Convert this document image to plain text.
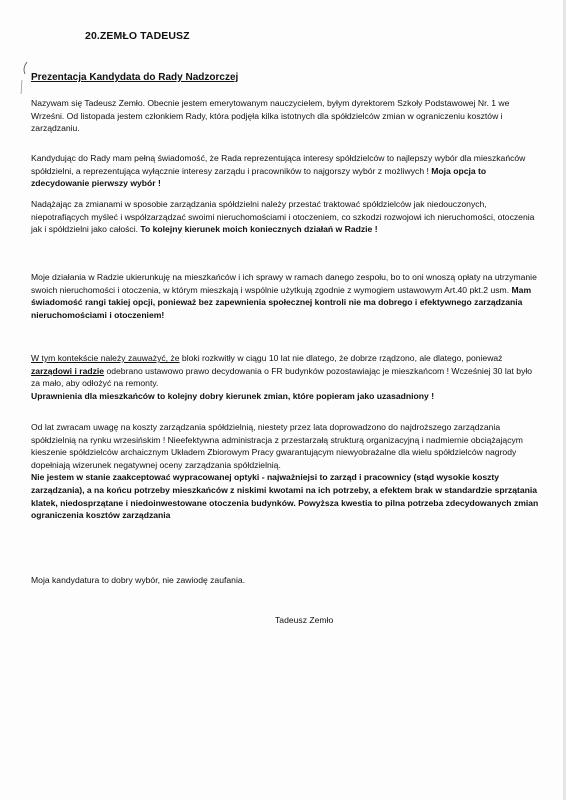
20.ZEMŁO TADEUSZ
Prezentacja Kandydata do Rady Nadzorczej
Nazywam się Tadeusz Zemło. Obecnie jestem emerytowanym nauczycielem, byłym dyrektorem Szkoły Podstawowej Nr. 1 we Wrześni. Od listopada jestem członkiem Rady, która podjęła kilka istotnych dla spółdzielców zmian w ograniczeniu kosztów i zarządzaniu.
Kandydując do Rady mam pełną świadomość, że Rada reprezentująca interesy spółdzielców to najlepszy wybór dla mieszkańców spółdzielni, a reprezentująca wyłącznie interesy zarządu i pracowników to najgorszy wybór z możliwych ! Moja opcja to zdecydowanie pierwszy wybór !
Nadążając za zmianami w sposobie zarządzania spółdzielni należy przestać traktować spółdzielców jak niedouczonych, niepotrafiących myśleć i współzarządzać swoimi nieruchomościami i otoczeniem, co szkodzi rozwojowi ich nieruchomości, otoczenia jak i spółdzielni jako całości. To kolejny kierunek moich koniecznych działań w Radzie !
Moje działania w Radzie ukierunkuję na mieszkańców i ich sprawy w ramach danego zespołu, bo to oni wnoszą opłaty na utrzymanie swoich nieruchomości i otoczenia, w którym mieszkają i wspólnie użytkują zgodnie z wymogiem ustawowym Art.40 pkt.2 usm. Mam świadomość rangi takiej opcji, ponieważ bez zapewnienia społecznej kontroli nie ma dobrego i efektywnego zarządzania nieruchomościami i otoczeniem!
W tym kontekście należy zauważyć, że bloki rozkwitły w ciągu 10 lat nie dlatego, że dobrze rządzono, ale dlatego, ponieważ zarządowi i radzie odebrano ustawowo prawo decydowania o FR budynków pozostawiając je mieszkańcom ! Wcześniej 30 lat było za mało, aby odłożyć na remonty.
Uprawnienia dla mieszkańców to kolejny dobry kierunek zmian, które popieram jako uzasadniony !
Od lat zwracam uwagę na koszty zarządzania spółdzielnią, niestety przez lata doprowadzono do najdroższego zarządzania spółdzielnią na rynku wrzesińskim ! Nieefektywna administracja z przestarzałą strukturą organizacyjną i nadmiernie obciążającym kieszenie spółdzielców archaicznym Układem Zbiorowym Pracy gwarantującym niewyobrażalne dla wielu spółdzielców nagrody dopełniają wizerunek negatywnej oceny zarządzania spółdzielnią.
Nie jestem w stanie zaakceptować wypracowanej optyki - najważniejsi to zarząd i pracownicy (stąd wysokie koszty zarządzania), a na końcu potrzeby mieszkańców z niskimi kwotami na ich potrzeby, a efektem brak w standardzie sprzątania klatek, niedosprzątane i niedoinwestowane otoczenia budynków. Powyższa kwestia to pilna potrzeba zdecydowanych zmian ograniczenia kosztów zarządzania
Moja kandydatura to dobry wybór, nie zawiodę zaufania.
Tadeusz Zemło
